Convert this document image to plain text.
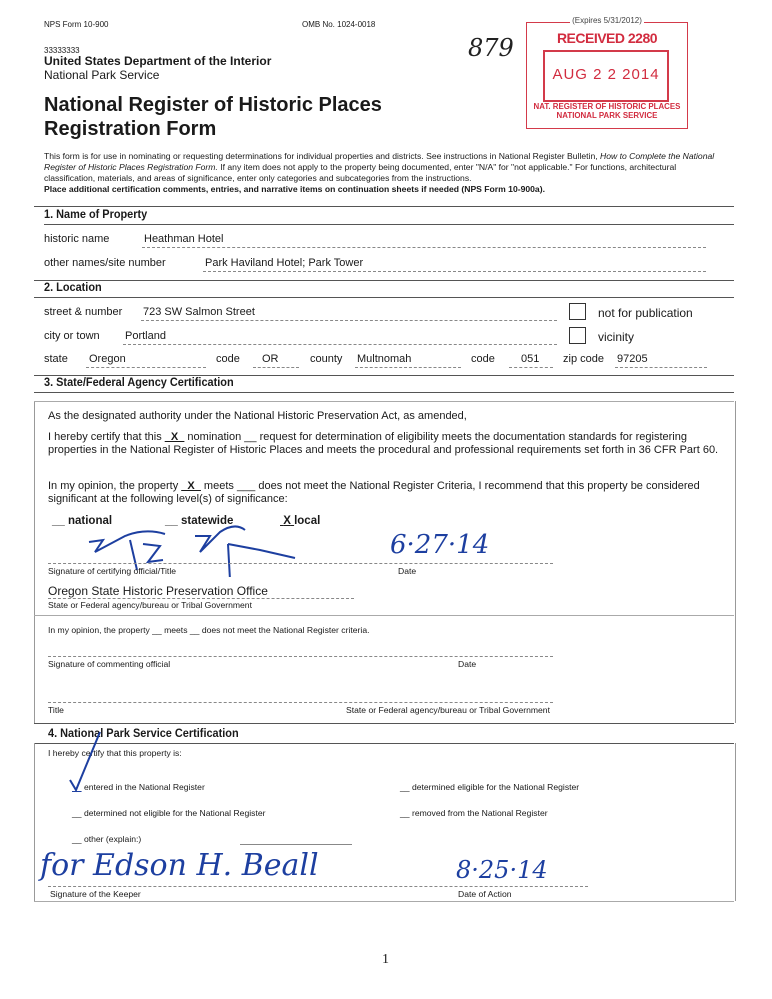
NPS Form 10-900	OMB No. 1024-0018
33333333
United States Department of the Interior
National Park Service
National Register of Historic Places
Registration Form
879
(Expires 5/31/2012)
RECEIVED 2280
AUG 2 2 2014
NAT. REGISTER OF HISTORIC PLACES
NATIONAL PARK SERVICE
This form is for use in nominating or requesting determinations for individual properties and districts. See instructions in National Register Bulletin, How to Complete the National Register of Historic Places Registration Form. If any item does not apply to the property being documented, enter "N/A" for "not applicable." For functions, architectural classification, materials, and areas of significance, enter only categories and subcategories from the instructions.
Place additional certification comments, entries, and narrative items on continuation sheets if needed (NPS Form 10-900a).
1. Name of Property
historic name	Heathman Hotel
other names/site number	Park Haviland Hotel; Park Tower
2. Location
street & number 723 SW Salmon Street	not for publication
city or town Portland	vicinity
state Oregon	code OR	county Multnomah	code 051 zip code 97205
3. State/Federal Agency Certification
As the designated authority under the National Historic Preservation Act, as amended,
I hereby certify that this _X_ nomination __ request for determination of eligibility meets the documentation standards for registering properties in the National Register of Historic Places and meets the procedural and professional requirements set forth in 36 CFR Part 60.
In my opinion, the property _X_ meets ___ does not meet the National Register Criteria, I recommend that this property be considered significant at the following level(s) of significance:
__ national	__ statewide	X local
6·27·14
Signature of certifying official/Title	Date
Oregon State Historic Preservation Office
State or Federal agency/bureau or Tribal Government
In my opinion, the property __ meets __ does not meet the National Register criteria.
Signature of commenting official	Date
Title	State or Federal agency/bureau or Tribal Government
4. National Park Service Certification
I hereby certify that this property is:
entered in the National Register	__ determined eligible for the National Register
__ determined not eligible for the National Register	__ removed from the National Register
__ other (explain:)
for Edson H. Beall	8·25·14
Signature of the Keeper	Date of Action
1
